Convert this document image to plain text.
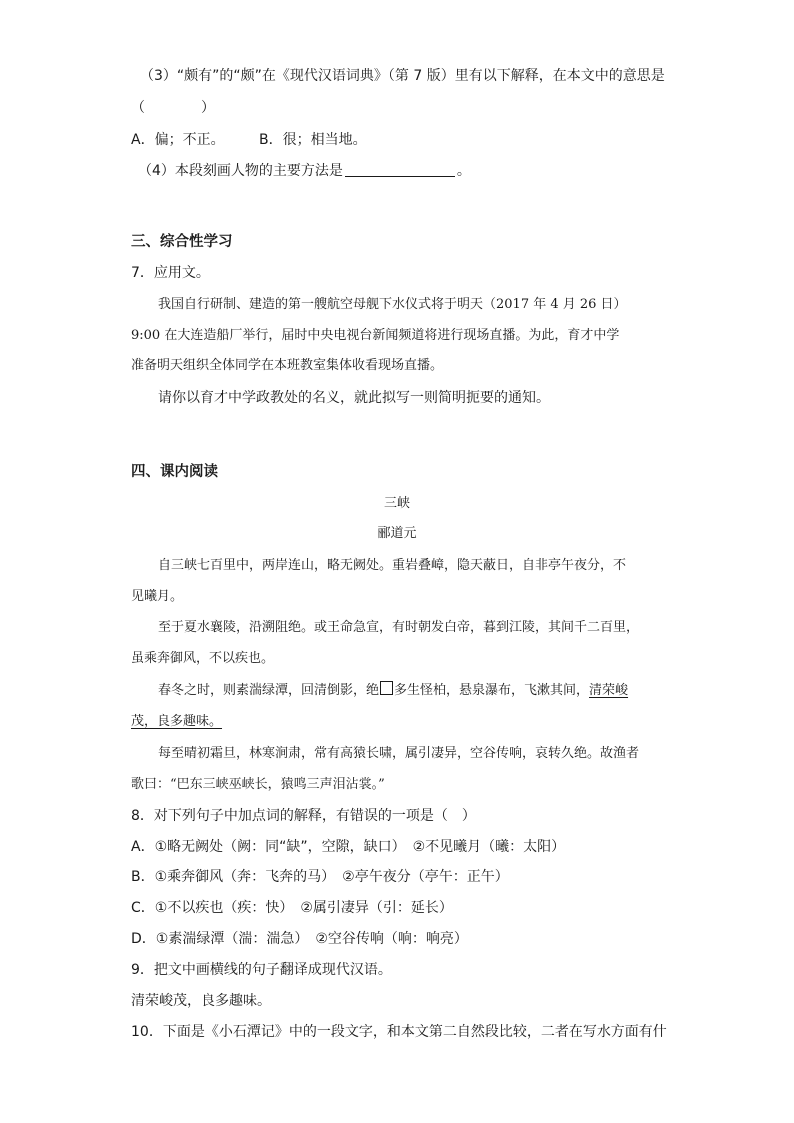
（3）“颇有”的“颇”在《现代汉语词典》（第 7 版）里有以下解释，在本文中的意思是
（　　　　）
A．偏；不正。 B．很；相当地。
（4）本段刻画人物的主要方法是	。
三、综合性学习
7．应用文。
我国自行研制、建造的第一艘航空母舰下水仪式将于明天（2017 年 4 月 26 日）
9:00 在大连造船厂举行，届时中央电视台新闻频道将进行现场直播。为此，育才中学
准备明天组织全体同学在本班教室集体收看现场直播。
请你以育才中学政教处的名义，就此拟写一则简明扼要的通知。
四、课内阅读
三峡
郦道元
自三峡七百里中，两岸连山，略无阙处。重岩叠嶂，隐天蔽日，自非亭午夜分，不
见曦月。
至于夏水襄陵，沿溯阻绝。或王命急宣，有时朝发白帝，暮到江陵，其间千二百里，
虽乘奔御风，不以疾也。
春冬之时，则素湍绿潭，回清倒影，绝 多生怪柏，悬泉瀑布，飞漱其间，清荣峻
茂，良多趣味。
每至晴初霜旦，林寒涧肃，常有高猿长啸，属引凄异，空谷传响，哀转久绝。故渔者
歌曰：“巴东三峡巫峡长，猿鸣三声泪沾裳。”
8．对下列句子中加点词的解释，有错误的一项是（　）
A．①略无阙处（阙：同“缺”，空隙，缺口）　②不见曦月（曦：太阳）
B．①乘奔御风（奔：飞奔的马）　②亭午夜分（亭午：正午）
C．①不以疾也（疾：快）　②属引凄异（引：延长）
D．①素湍绿潭（湍：湍急）　②空谷传响（响：响亮）
9．把文中画横线的句子翻译成现代汉语。
清荣峻茂，良多趣味。
10．下面是《小石潭记》中的一段文字，和本文第二自然段比较，二者在写水方面有什
